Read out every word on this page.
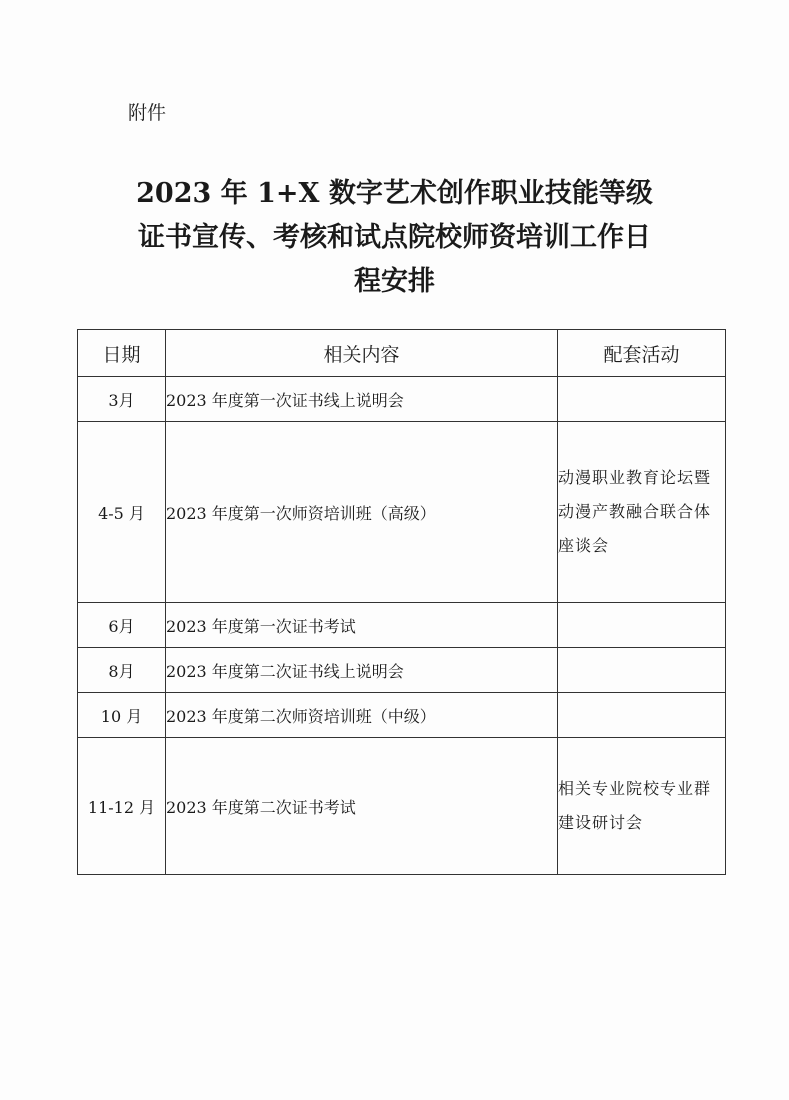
附件
2023 年 1+X 数字艺术创作职业技能等级
证书宣传、考核和试点院校师资培训工作日
程安排
日期	相关内容	配套活动
3月	2023 年度第一次证书线上说明会	
4-5 月	2023 年度第一次师资培训班（高级）	动漫职业教育论坛暨动漫产教融合联合体座谈会
6月	2023 年度第一次证书考试	
8月	2023 年度第二次证书线上说明会	
10 月	2023 年度第二次师资培训班（中级）	
11-12 月	2023 年度第二次证书考试	相关专业院校专业群建设研讨会
